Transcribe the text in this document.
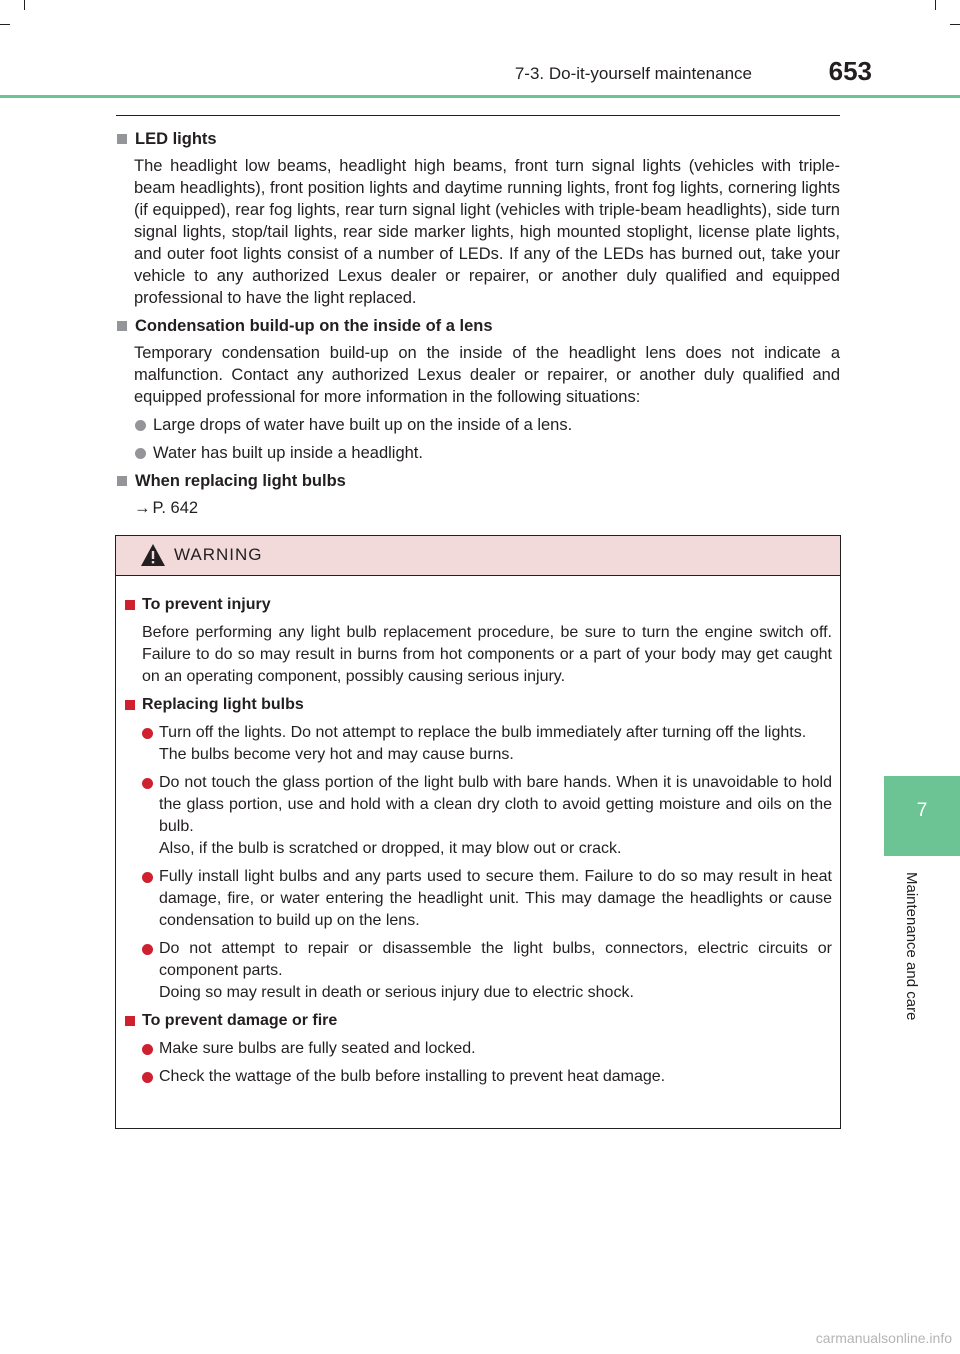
7-3. Do-it-yourself maintenance	653
7
Maintenance and care
LED lights
The headlight low beams, headlight high beams, front turn signal lights (vehicles with triple-beam headlights), front position lights and daytime running lights, front fog lights, cornering lights (if equipped), rear fog lights, rear turn signal light (vehicles with triple-beam headlights), side turn signal lights, stop/tail lights, rear side marker lights, high mounted stoplight, license plate lights, and outer foot lights consist of a number of LEDs. If any of the LEDs has burned out, take your vehicle to any authorized Lexus dealer or repairer, or another duly qualified and equipped professional to have the light replaced.
Condensation build-up on the inside of a lens
Temporary condensation build-up on the inside of the headlight lens does not indicate a malfunction. Contact any authorized Lexus dealer or repairer, or another duly qualified and equipped professional for more information in the following situations:
Large drops of water have built up on the inside of a lens.
Water has built up inside a headlight.
When replacing light bulbs
→ P. 642
WARNING
To prevent injury
Before performing any light bulb replacement procedure, be sure to turn the engine switch off. Failure to do so may result in burns from hot components or a part of your body may get caught on an operating component, possibly causing serious injury.
Replacing light bulbs
Turn off the lights. Do not attempt to replace the bulb immediately after turning off the lights.
The bulbs become very hot and may cause burns.
Do not touch the glass portion of the light bulb with bare hands. When it is unavoidable to hold the glass portion, use and hold with a clean dry cloth to avoid getting moisture and oils on the bulb.
Also, if the bulb is scratched or dropped, it may blow out or crack.
Fully install light bulbs and any parts used to secure them. Failure to do so may result in heat damage, fire, or water entering the headlight unit. This may damage the headlights or cause condensation to build up on the lens.
Do not attempt to repair or disassemble the light bulbs, connectors, electric circuits or component parts.
Doing so may result in death or serious injury due to electric shock.
To prevent damage or fire
Make sure bulbs are fully seated and locked.
Check the wattage of the bulb before installing to prevent heat damage.
carmanualsonline.info
